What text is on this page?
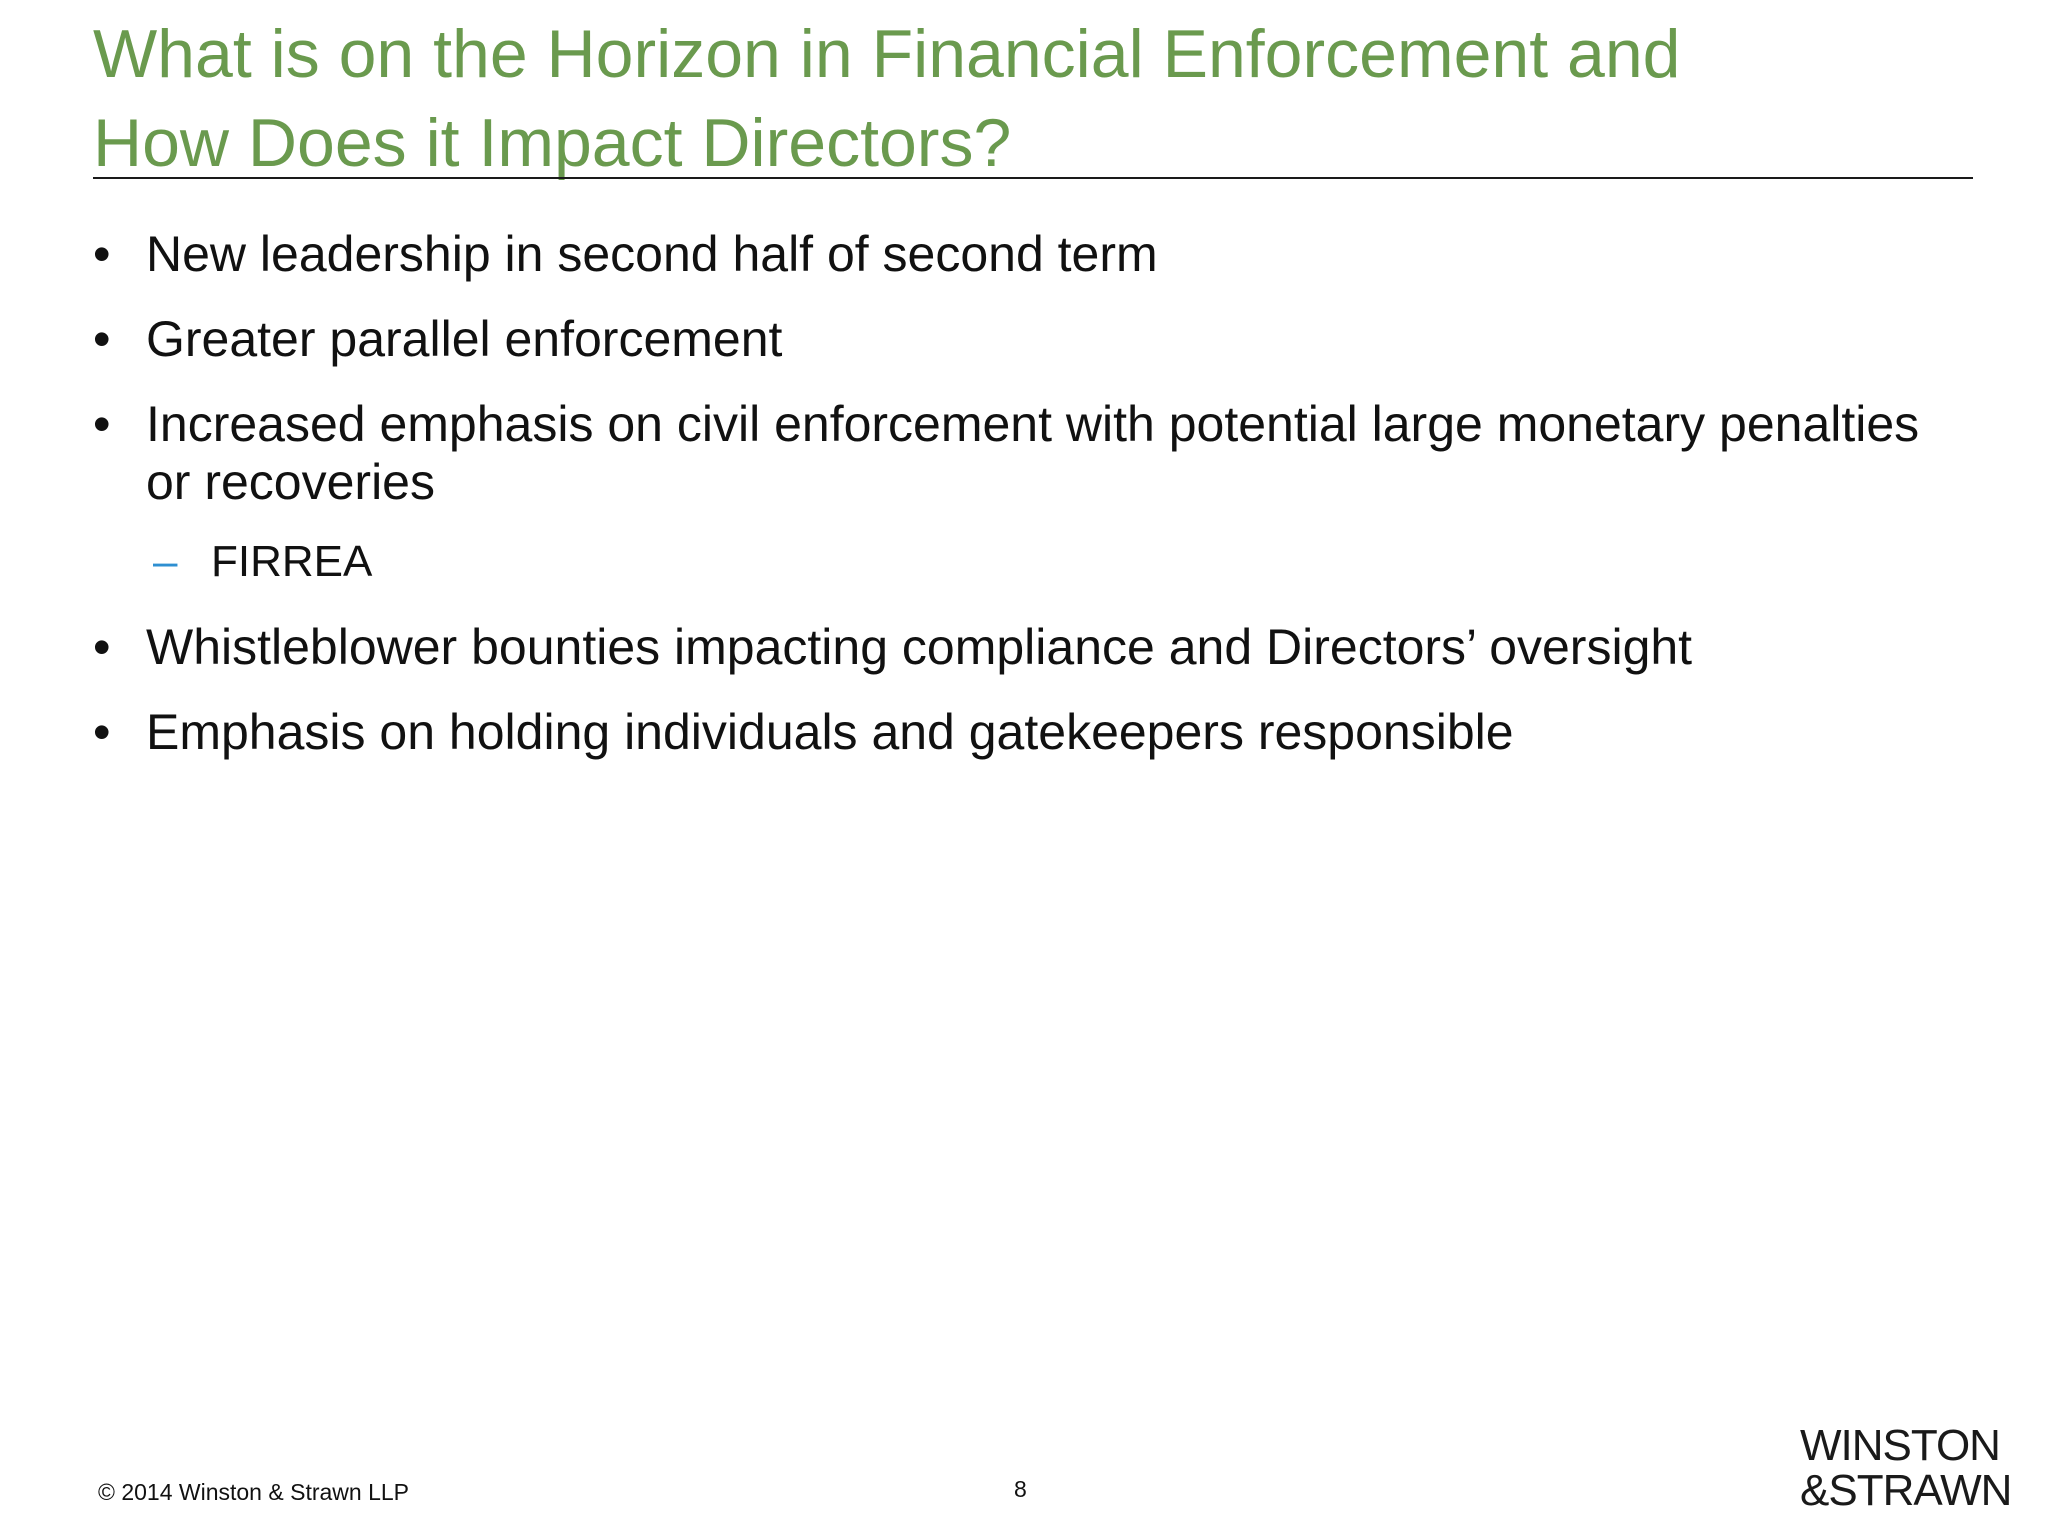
What is on the Horizon in Financial Enforcement and
How Does it Impact Directors?
• New leadership in second half of second term
• Greater parallel enforcement
• Increased emphasis on civil enforcement with potential large monetary penalties or recoveries
– FIRREA
• Whistleblower bounties impacting compliance and Directors’ oversight
• Emphasis on holding individuals and gatekeepers responsible
© 2014 Winston & Strawn LLP	8
WINSTON
&STRAWN
